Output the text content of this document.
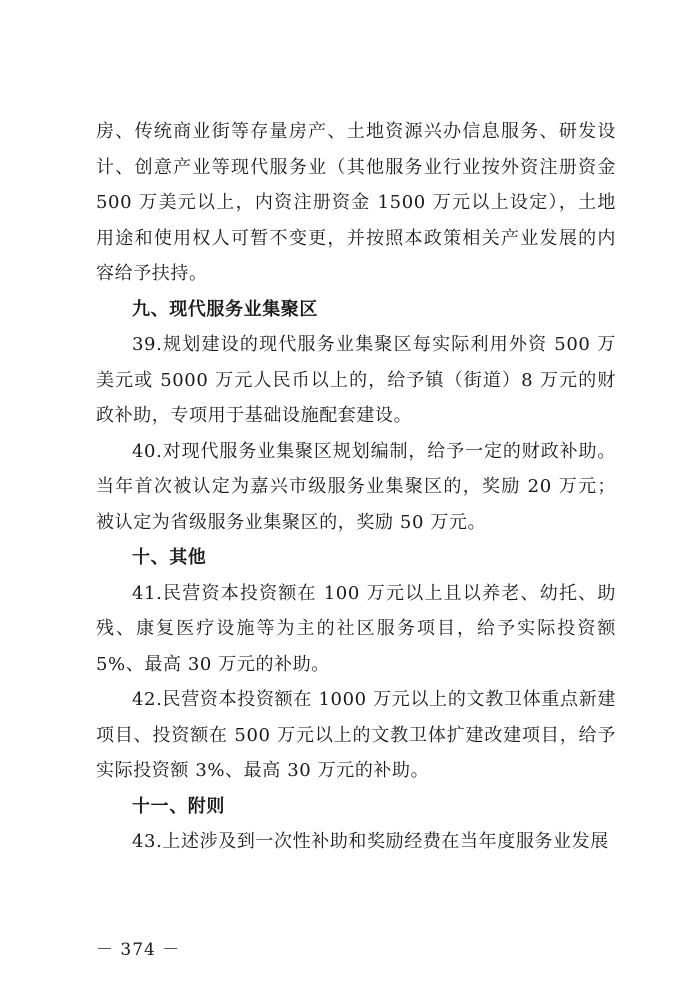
房、传统商业街等存量房产、土地资源兴办信息服务、研发设计、创意产业等现代服务业（其他服务业行业按外资注册资金 500 万美元以上，内资注册资金 1500 万元以上设定），土地用途和使用权人可暂不变更，并按照本政策相关产业发展的内容给予扶持。

九、现代服务业集聚区

39.规划建设的现代服务业集聚区每实际利用外资 500 万美元或 5000 万元人民币以上的，给予镇（街道）8 万元的财政补助，专项用于基础设施配套建设。

40.对现代服务业集聚区规划编制，给予一定的财政补助。当年首次被认定为嘉兴市级服务业集聚区的，奖励 20 万元；被认定为省级服务业集聚区的，奖励 50 万元。

十、其他

41.民营资本投资额在 100 万元以上且以养老、幼托、助残、康复医疗设施等为主的社区服务项目，给予实际投资额 5%、最高 30 万元的补助。

42.民营资本投资额在 1000 万元以上的文教卫体重点新建项目、投资额在 500 万元以上的文教卫体扩建改建项目，给予实际投资额 3%、最高 30 万元的补助。

十一、附则

43.上述涉及到一次性补助和奖励经费在当年度服务业发展

－ 374 －
